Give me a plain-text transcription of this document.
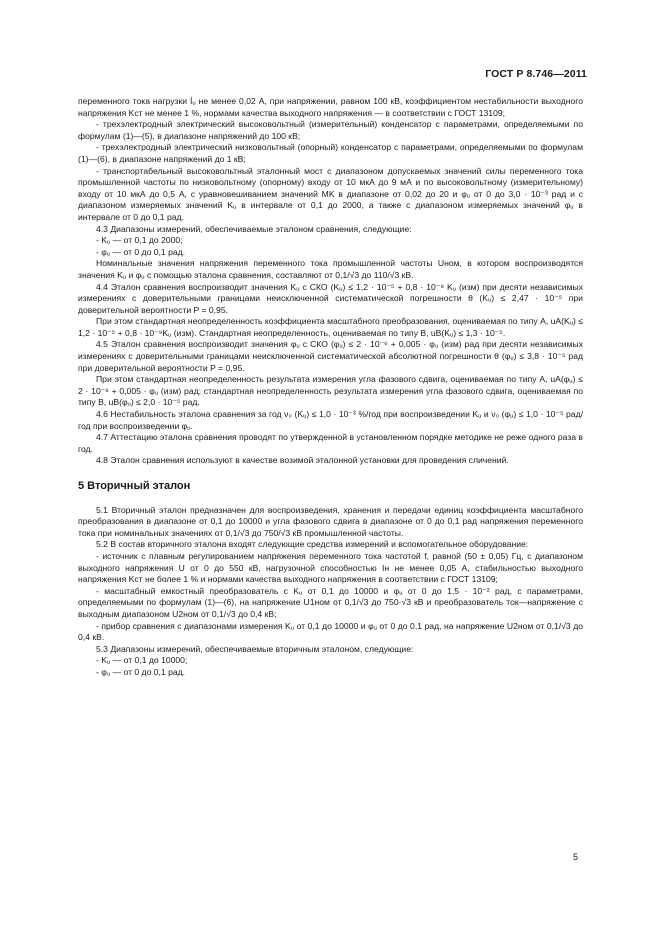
ГОСТ Р 8.746—2011

переменного тока нагрузки Íᵤ не менее 0,02 А, при напряжении, равном 100 кВ, коэффициентом нестабильности выходного напряжения Kст не менее 1 %, нормами качества выходного напряжения — в соответствии с ГОСТ 13109;

- трехэлектродный электрический высоковольтный (измерительный) конденсатор с параметрами, определяемыми по формулам (1)—(5), в диапазоне напряжений до 100 кВ;

- трехэлектродный электрический низковольтный (опорный) конденсатор с параметрами, определяемыми по формулам (1)—(6), в диапазоне напряжений до 1 кВ;

- транспортабельный высоковольтный эталонный мост с диапазоном допускаемых значений силы переменного тока промышленной частоты по низковольтному (опорному) входу от 10 мкА до 9 мА и по высоковольтному (измерительному) входу от 10 мкА до 0,5 А, с уравновешиванием значений MK в диапазоне от 0,02 до 20 и φᵤ от 0 до 3,0 · 10⁻³ рад и с диапазоном измеряемых значений Kᵤ в интервале от 0,1 до 2000, а также с диапазоном измеряемых значений φᵤ в интервале от 0 до 0,1 рад.

4.3 Диапазоны измерений, обеспечиваемые эталоном сравнения, следующие:

- Kᵤ — от 0,1 до 2000;

- φᵤ — от 0 до 0,1 рад.

Номинальные значения напряжения переменного тока промышленной частоты Uном, в котором воспроизводятся значения Kᵤ и φᵤ с помощью эталона сравнения, составляют от 0,1/√3 до 110/√3 кВ.

4.4 Эталон сравнения воспроизводит значения Kᵤ с СКО (Kᵤ) ≤ 1,2 · 10⁻⁵ + 0,8 · 10⁻⁹ Kᵤ (изм) при десяти независимых измерениях с доверительными границами неисключенной систематической погрешности θ (Kᵤ) ≤ 2,47 · 10⁻⁵ при доверительной вероятности P = 0,95.

При этом стандартная неопределенность коэффициента масштабного преобразования, оцениваемая по типу А, uA(Kᵤ) ≤ 1,2 · 10⁻⁵ + 0,8 · 10⁻⁹Kᵤ (изм). Стандартная неопределенность, оцениваемая по типу В, uB(Kᵤ) ≤ 1,3 · 10⁻⁵.

4.5 Эталон сравнения воспроизводит значения φᵤ с СКО (φᵤ) ≤ 2 · 10⁻⁶ + 0,005 · φᵤ (изм) рад при десяти независимых измерениях с доверительными границами неисключенной систематической абсолютной погрешности θ (φᵤ) ≤ 3,8 · 10⁻⁵ рад при доверительной вероятности P = 0,95.

При этом стандартная неопределенность результата измерения угла фазового сдвига, оцениваемая по типу А, uA(φᵤ) ≤ 2 · 10⁻⁶ + 0,005 · φᵤ (изм) рад; стандартная неопределенность результата измерения угла фазового сдвига, оцениваемая по типу В, uB(φᵤ) ≤ 2,0 · 10⁻⁵ рад.

4.6 Нестабильность эталона сравнения за год ν₀ (Kᵤ) ≤ 1,0 · 10⁻³ %/год при воспроизведении Kᵤ и ν₀ (φᵤ) ≤ 1,0 · 10⁻⁵ рад/год при воспроизведении φᵤ.

4.7 Аттестацию эталона сравнения проводят по утвержденной в установленном порядке методике не реже одного раза в год.

4.8 Эталон сравнения используют в качестве возимой эталонной установки для проведения сличений.

5 Вторичный эталон

5.1 Вторичный эталон предназначен для воспроизведения, хранения и передачи единиц коэффициента масштабного преобразования в диапазоне от 0,1 до 10000 и угла фазового сдвига в диапазоне от 0 до 0,1 рад напряжения переменного тока при номинальных значениях от 0,1/√3 до 750/√3 кВ промышленной частоты.

5.2 В состав вторичного эталона входят следующие средства измерений и вспомогательное оборудование:

- источник с плавным регулированием напряжения переменного тока частотой f, равной (50 ± 0,05) Гц, с диапазоном выходного напряжения U от 0 до 550 кВ, нагрузочной способностью Iн не менее 0,05 А, стабильностью выходного напряжения Kст не более 1 % и нормами качества выходного напряжения в соответствии с ГОСТ 13109;

- масштабный емкостный преобразователь с Kᵤ от 0,1 до 10000 и φᵤ от 0 до 1,5 · 10⁻² рад, с параметрами, определяемыми по формулам (1)—(6), на напряжение U1ном от 0,1/√3 до 750·√3 кВ и преобразователь ток—напряжение с выходным диапазоном U2ном от 0,1/√3 до 0,4 кВ;

- прибор сравнения с диапазонами измерения Kᵤ от 0,1 до 10000 и φᵤ от 0 до 0,1 рад, на напряжение U2ном от 0,1/√3 до 0,4 кВ.

5.3 Диапазоны измерений, обеспечиваемые вторичным эталоном, следующие:

- Kᵤ — от 0,1 до 10000;

- φᵤ — от 0 до 0,1 рад.

5
